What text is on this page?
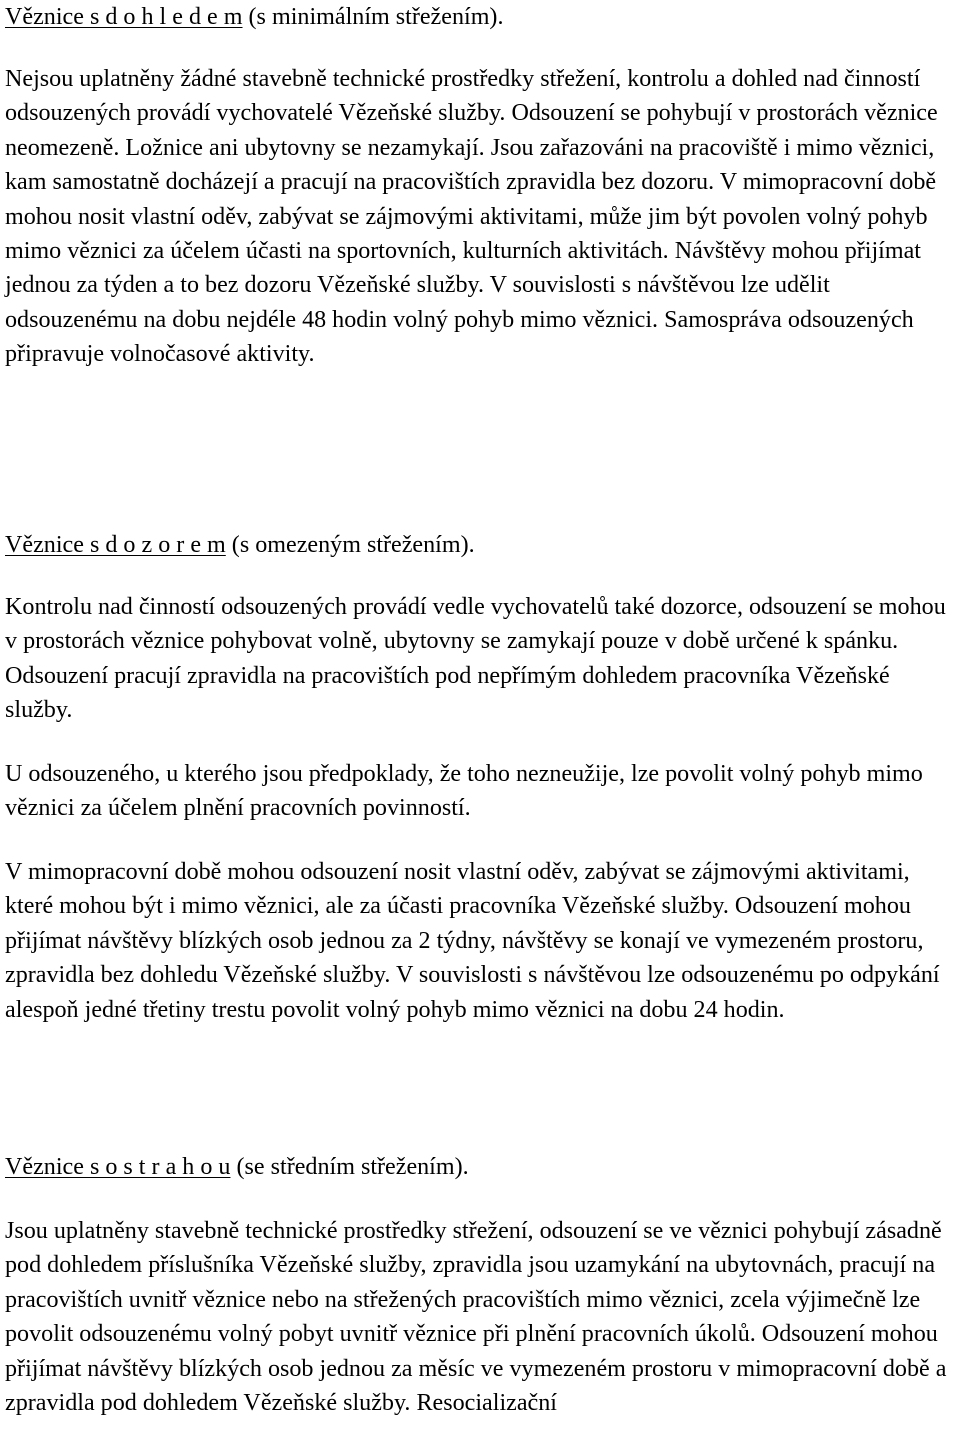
Věznice s d o h l e d e m (s minimálním střežením).

Nejsou uplatněny žádné stavebně technické prostředky střežení, kontrolu a dohled nad činností odsouzených provádí vychovatelé Vězeňské služby. Odsouzení se pohybují v prostorách věznice neomezeně. Ložnice ani ubytovny se nezamykají. Jsou zařazováni na pracoviště i mimo věznici, kam samostatně docházejí a pracují na pracovištích zpravidla bez dozoru. V mimopracovní době mohou nosit vlastní oděv, zabývat se zájmovými aktivitami, může jim být povolen volný pohyb mimo věznici za účelem účasti na sportovních, kulturních aktivitách. Návštěvy mohou přijímat jednou za týden a to bez dozoru Vězeňské služby. V souvislosti s návštěvou lze udělit odsouzenému na dobu nejdéle 48 hodin volný pohyb mimo věznici. Samospráva odsouzených připravuje volnočasové aktivity.

Věznice s d o z o r e m (s omezeným střežením).

Kontrolu nad činností odsouzených provádí vedle vychovatelů také dozorce, odsouzení se mohou v prostorách věznice pohybovat volně, ubytovny se zamykají pouze v době určené k spánku. Odsouzení pracují zpravidla na pracovištích pod nepřímým dohledem pracovníka Vězeňské služby.

U odsouzeného, u kterého jsou předpoklady, že toho nezneužije, lze povolit volný pohyb mimo věznici za účelem plnění pracovních povinností.

V mimopracovní době mohou odsouzení nosit vlastní oděv, zabývat se zájmovými aktivitami, které mohou být i mimo věznici, ale za účasti pracovníka Vězeňské služby. Odsouzení mohou přijímat návštěvy blízkých osob jednou za 2 týdny, návštěvy se konají ve vymezeném prostoru, zpravidla bez dohledu Vězeňské služby. V souvislosti s návštěvou lze odsouzenému po odpykání alespoň jedné třetiny trestu povolit volný pohyb mimo věznici na dobu 24 hodin.

Věznice s o s t r a h o u (se středním střežením).

Jsou uplatněny stavebně technické prostředky střežení, odsouzení se ve věznici pohybují zásadně pod dohledem příslušníka Vězeňské služby, zpravidla jsou uzamykání na ubytovnách, pracují na pracovištích uvnitř věznice nebo na střežených pracovištích mimo věznici, zcela výjimečně lze povolit odsouzenému volný pobyt uvnitř věznice při plnění pracovních úkolů. Odsouzení mohou přijímat návštěvy blízkých osob jednou za měsíc ve vymezeném prostoru v mimopracovní době a zpravidla pod dohledem Vězeňské služby. Resocializační
